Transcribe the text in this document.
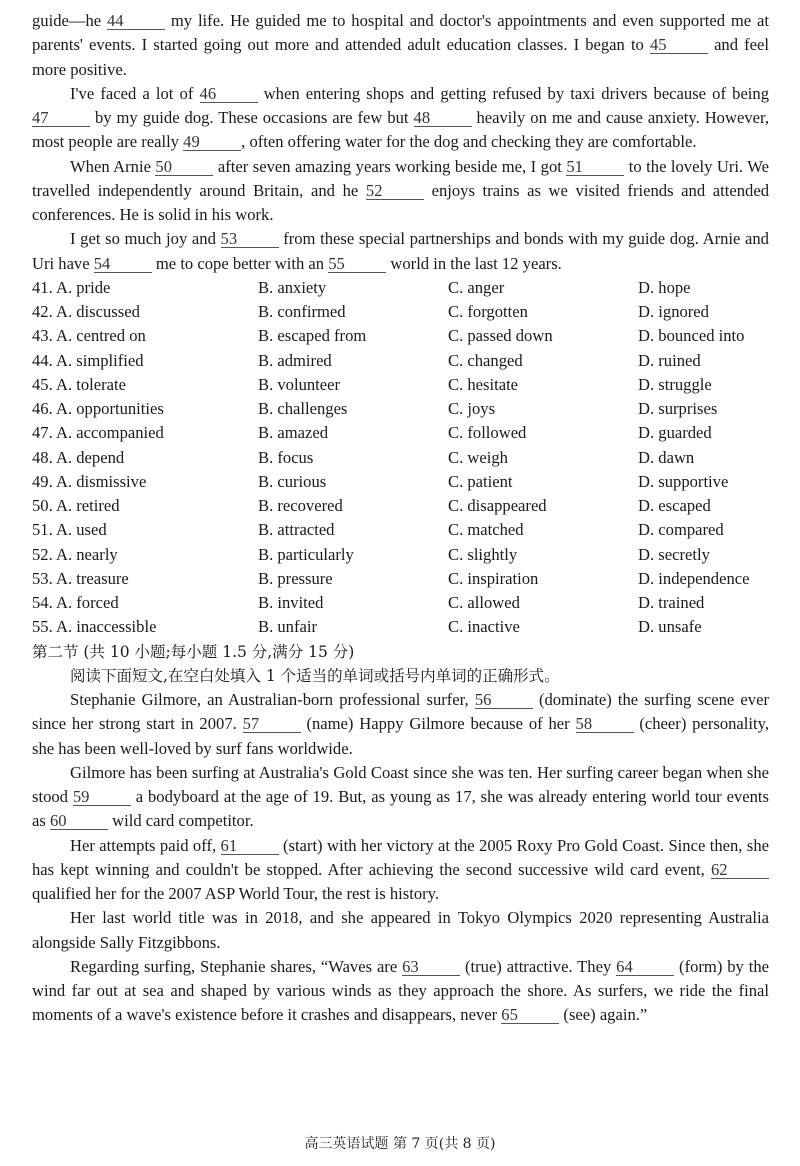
guide—he 44 my life. He guided me to hospital and doctor's appointments and even supported me at parents' events. I started going out more and attended adult education classes. I began to 45 and feel more positive.

I've faced a lot of 46 when entering shops and getting refused by taxi drivers because of being 47 by my guide dog. These occasions are few but 48 heavily on me and cause anxiety. However, most people are really 49 , often offering water for the dog and checking they are comfortable.

When Arnie 50 after seven amazing years working beside me, I got 51 to the lovely Uri. We travelled independently around Britain, and he 52 enjoys trains as we visited friends and attended conferences. He is solid in his work.

I get so much joy and 53 from these special partnerships and bonds with my guide dog. Arnie and Uri have 54 me to cope better with an 55 world in the last 12 years.

41. A. pride	B. anxiety	C. anger	D. hope
42. A. discussed	B. confirmed	C. forgotten	D. ignored
43. A. centred on	B. escaped from	C. passed down	D. bounced into
44. A. simplified	B. admired	C. changed	D. ruined
45. A. tolerate	B. volunteer	C. hesitate	D. struggle
46. A. opportunities	B. challenges	C. joys	D. surprises
47. A. accompanied	B. amazed	C. followed	D. guarded
48. A. depend	B. focus	C. weigh	D. dawn
49. A. dismissive	B. curious	C. patient	D. supportive
50. A. retired	B. recovered	C. disappeared	D. escaped
51. A. used	B. attracted	C. matched	D. compared
52. A. nearly	B. particularly	C. slightly	D. secretly
53. A. treasure	B. pressure	C. inspiration	D. independence
54. A. forced	B. invited	C. allowed	D. trained
55. A. inaccessible	B. unfair	C. inactive	D. unsafe
第二节 (共 10 小题;每小题 1.5 分,满分 15 分)
阅读下面短文,在空白处填入 1 个适当的单词或括号内单词的正确形式。

Stephanie Gilmore, an Australian-born professional surfer, 56 (dominate) the surfing scene ever since her strong start in 2007. 57 (name) Happy Gilmore because of her 58 (cheer) personality, she has been well-loved by surf fans worldwide.

Gilmore has been surfing at Australia's Gold Coast since she was ten. Her surfing career began when she stood 59 a bodyboard at the age of 19. But, as young as 17, she was already entering world tour events as 60 wild card competitor.

Her attempts paid off, 61 (start) with her victory at the 2005 Roxy Pro Gold Coast. Since then, she has kept winning and couldn't be stopped. After achieving the second successive wild card event, 62 qualified her for the 2007 ASP World Tour, the rest is history.

Her last world title was in 2018, and she appeared in Tokyo Olympics 2020 representing Australia alongside Sally Fitzgibbons.

Regarding surfing, Stephanie shares, “Waves are 63 (true) attractive. They 64 (form) by the wind far out at sea and shaped by various winds as they approach the shore. As surfers, we ride the final moments of a wave's existence before it crashes and disappears, never 65 (see) again.”

高三英语试题 第 7 页(共 8 页)
